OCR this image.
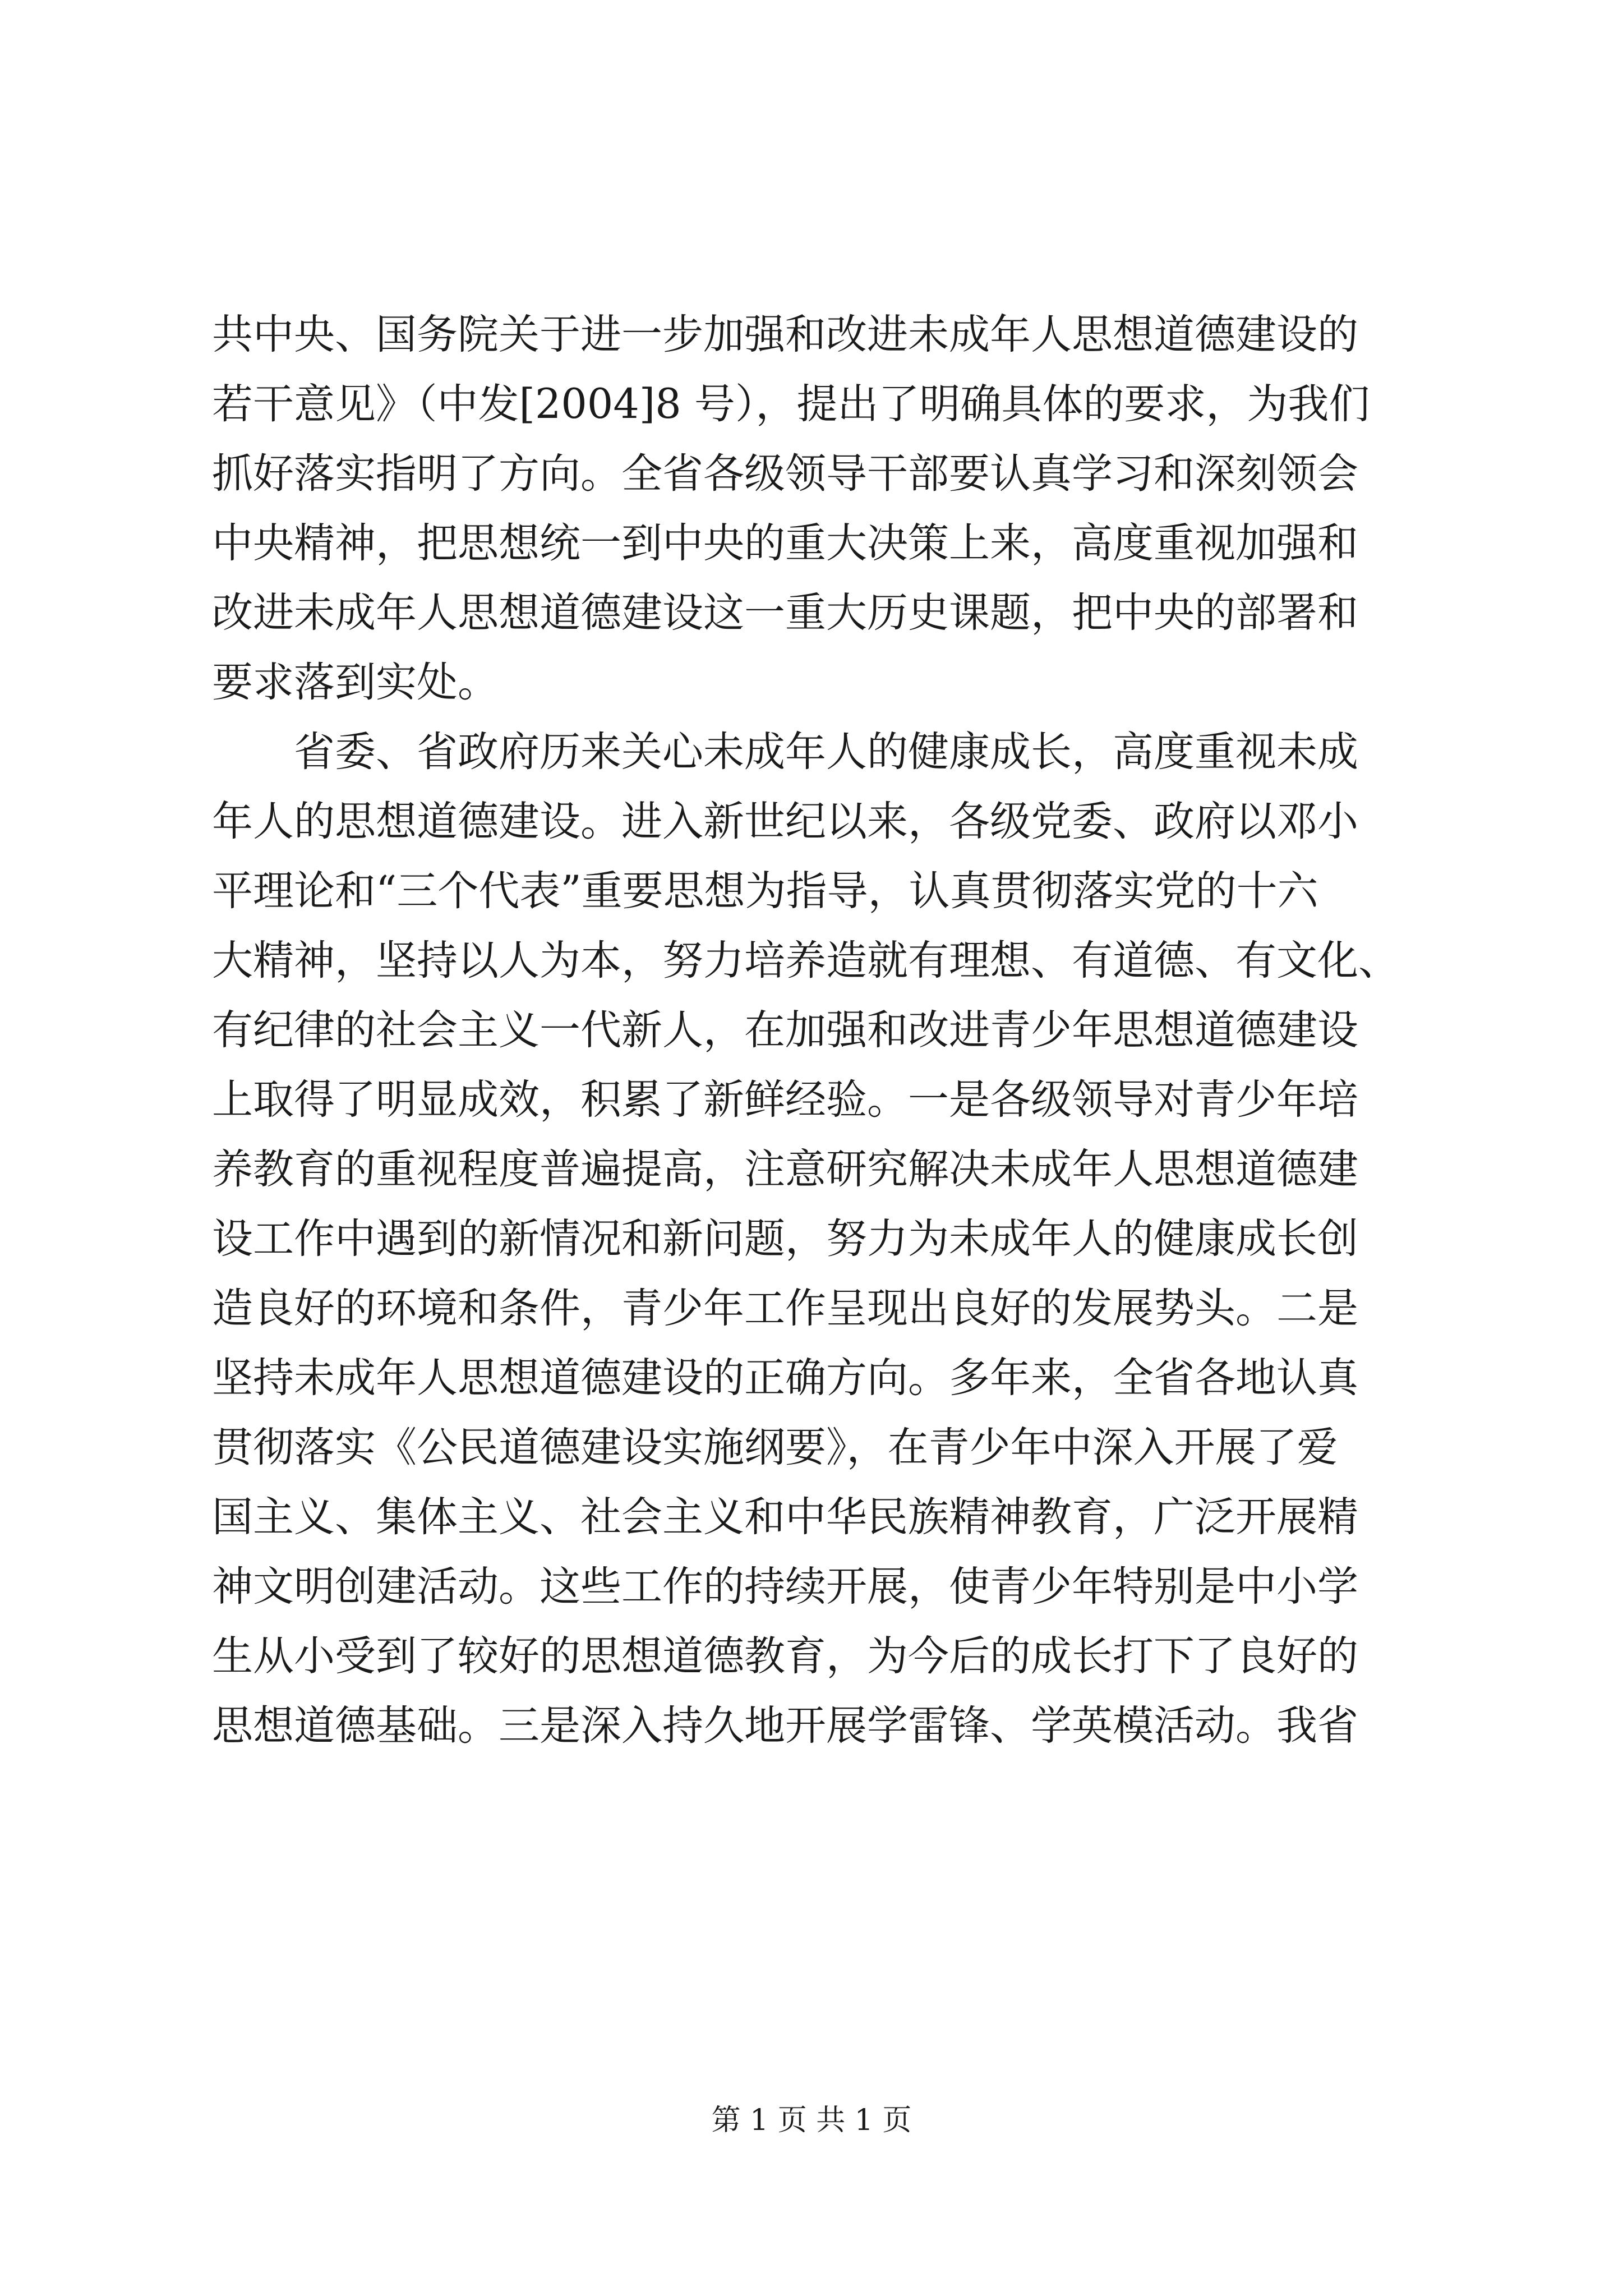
共中央、国务院关于进一步加强和改进未成年人思想道德建设的
若干意见》（中发[2004]8 号），提出了明确具体的要求，为我们
抓好落实指明了方向。全省各级领导干部要认真学习和深刻领会
中央精神，把思想统一到中央的重大决策上来，高度重视加强和
改进未成年人思想道德建设这一重大历史课题，把中央的部署和
要求落到实处。
　　省委、省政府历来关心未成年人的健康成长，高度重视未成
年人的思想道德建设。进入新世纪以来，各级党委、政府以邓小
平理论和“三个代表”重要思想为指导，认真贯彻落实党的十六
大精神，坚持以人为本，努力培养造就有理想、有道德、有文化、
有纪律的社会主义一代新人，在加强和改进青少年思想道德建设
上取得了明显成效，积累了新鲜经验。一是各级领导对青少年培
养教育的重视程度普遍提高，注意研究解决未成年人思想道德建
设工作中遇到的新情况和新问题，努力为未成年人的健康成长创
造良好的环境和条件，青少年工作呈现出良好的发展势头。二是
坚持未成年人思想道德建设的正确方向。多年来，全省各地认真
贯彻落实《公民道德建设实施纲要》，在青少年中深入开展了爱
国主义、集体主义、社会主义和中华民族精神教育，广泛开展精
神文明创建活动。这些工作的持续开展，使青少年特别是中小学
生从小受到了较好的思想道德教育，为今后的成长打下了良好的
思想道德基础。三是深入持久地开展学雷锋、学英模活动。我省
第 1 页 共 1 页
